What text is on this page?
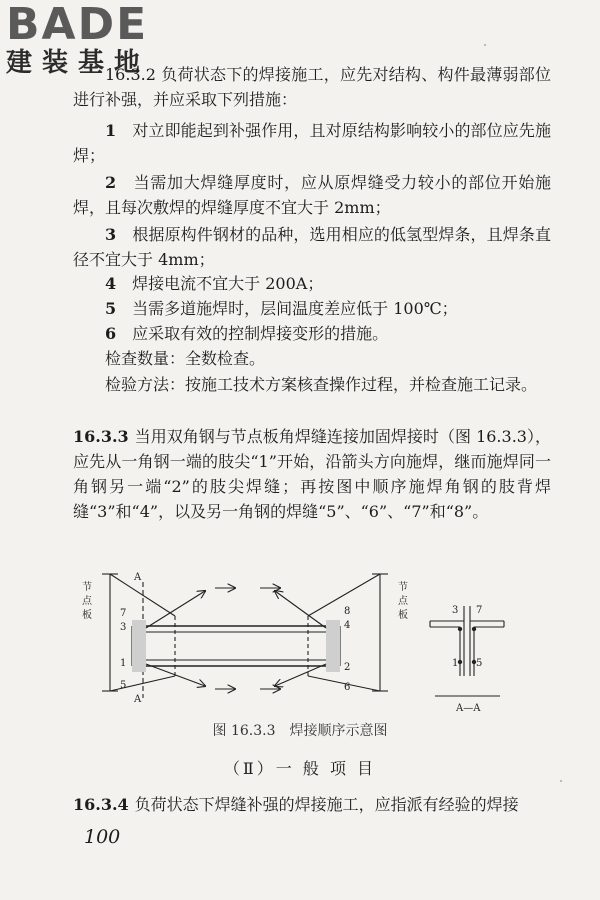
BADE
建装基地
16.3.2 负荷状态下的焊接施工，应先对结构、构件最薄弱部位进行补强，并应采取下列措施：
1　 对立即能起到补强作用，且对原结构影响较小的部位应先施焊；
2　 当需加大焊缝厚度时，应从原焊缝受力较小的部位开始施焊，且每次敷焊的焊缝厚度不宜大于 2mm；
3　 根据原构件钢材的品种，选用相应的低氢型焊条，且焊条直径不宜大于 4mm；
4　 焊接电流不宜大于 200A；
5　 当需多道施焊时，层间温度差应低于 100℃；
6　 应采取有效的控制焊接变形的措施。
检查数量：全数检查。
检验方法：按施工技术方案核查操作过程，并检查施工记录。
16.3.3 当用双角钢与节点板角焊缝连接加固焊接时（图 16.3.3），应先从一角钢一端的肢尖“1”开始，沿箭头方向施焊，继而施焊同一角钢另一端“2”的肢尖焊缝；再按图中顺序施焊角钢的肢背焊缝“3”和“4”，以及另一角钢的焊缝“5”、“6”、“7”和“8”。
节点板
节点板
A
A
7
3
1
5
8
4
2
6
3 7
1 5
A—A
图 16.3.3　焊接顺序示意图
（Ⅱ）一 般 项 目
16.3.4 负荷状态下焊缝补强的焊接施工，应指派有经验的焊接
100
